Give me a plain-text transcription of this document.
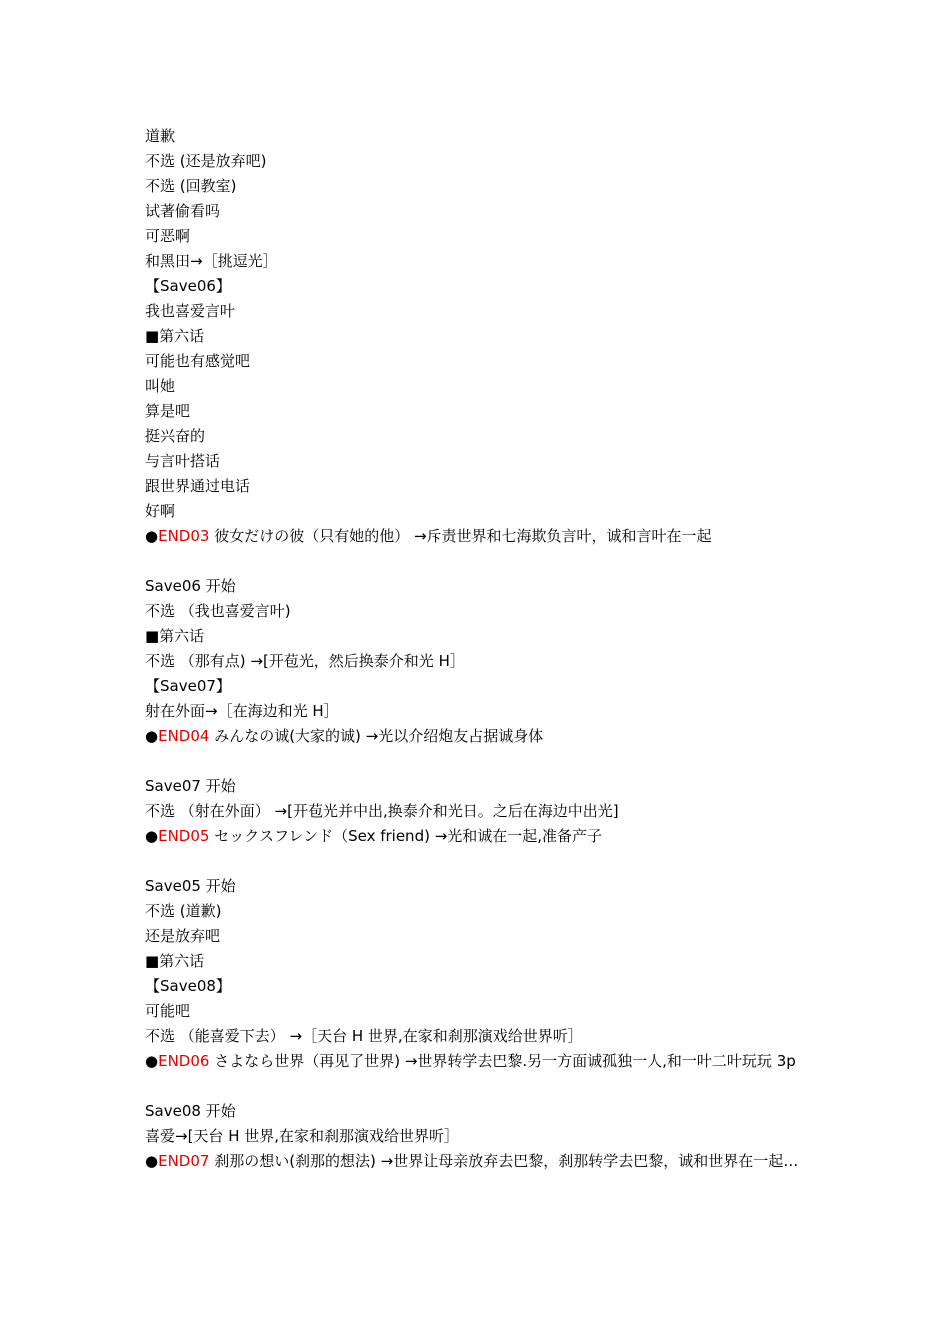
道歉
不选 (还是放弃吧)
不选 (回教室)
试著偷看吗
可恶啊
和黑田→［挑逗光］
【Save06】
我也喜爱言叶
■第六话
可能也有感觉吧
叫她
算是吧
挺兴奋的
与言叶搭话
跟世界通过电话
好啊
●END03 彼女だけの彼（只有她的他） →斥责世界和七海欺负言叶，诚和言叶在一起
Save06 开始
不选 （我也喜爱言叶)
■第六话
不选 （那有点) →[开苞光，然后换泰介和光 H］
【Save07】
射在外面→［在海边和光 H］
●END04 みんなの诚(大家的诚) →光以介绍炮友占据诚身体
Save07 开始
不选 （射在外面） →[开苞光并中出,换泰介和光日。之后在海边中出光]
●END05 セックスフレンド（Sex friend) →光和诚在一起,准备产子
Save05 开始
不选 (道歉)
还是放弃吧
■第六话
【Save08】
可能吧
不选 （能喜爱下去） →［天台 H 世界,在家和刹那演戏给世界听］
●END06 さよなら世界（再见了世界) →世界转学去巴黎.另一方面诚孤独一人,和一叶二叶玩玩 3p
Save08 开始
喜爱→[天台 H 世界,在家和刹那演戏给世界听］
●END07 刹那の想い(刹那的想法) →世界让母亲放弃去巴黎，刹那转学去巴黎，诚和世界在一起…
